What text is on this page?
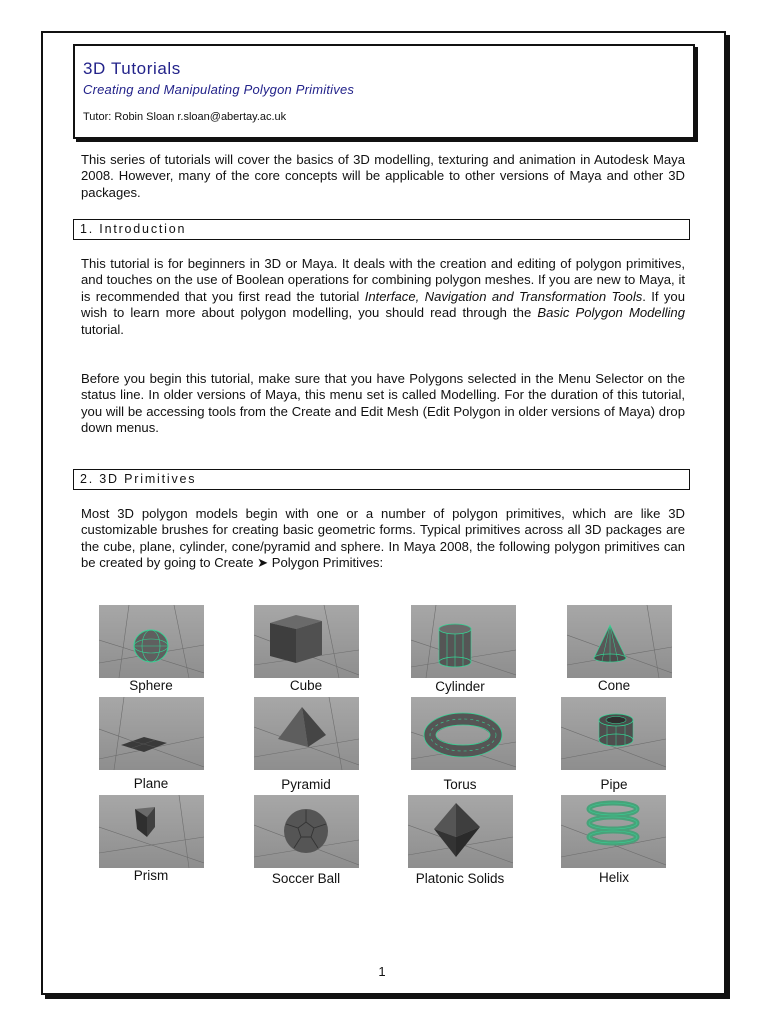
3D Tutorials
Creating and Manipulating Polygon Primitives
Tutor: Robin Sloan r.sloan@abertay.ac.uk

This series of tutorials will cover the basics of 3D modelling, texturing and animation in Autodesk Maya 2008. However, many of the core concepts will be applicable to other versions of Maya and other 3D packages.

1. Introduction

This tutorial is for beginners in 3D or Maya. It deals with the creation and editing of polygon primitives, and touches on the use of Boolean operations for combining polygon meshes. If you are new to Maya, it is recommended that you first read the tutorial Interface, Navigation and Transformation Tools. If you wish to learn more about polygon modelling, you should read through the Basic Polygon Modelling tutorial.

Before you begin this tutorial, make sure that you have Polygons selected in the Menu Selector on the status line. In older versions of Maya, this menu set is called Modelling. For the duration of this tutorial, you will be accessing tools from the Create and Edit Mesh (Edit Polygon in older versions of Maya) drop down menus.

2. 3D Primitives

Most 3D polygon models begin with one or a number of polygon primitives, which are like 3D customizable brushes for creating basic geometric forms. Typical primitives across all 3D packages are the cube, plane, cylinder, cone/pyramid and sphere. In Maya 2008, the following polygon primitives can be created by going to Create ➤ Polygon Primitives:

Sphere	Cube	Cylinder	Cone
Plane	Pyramid	Torus	Pipe
Prism	Soccer Ball	Platonic Solids	Helix
1
